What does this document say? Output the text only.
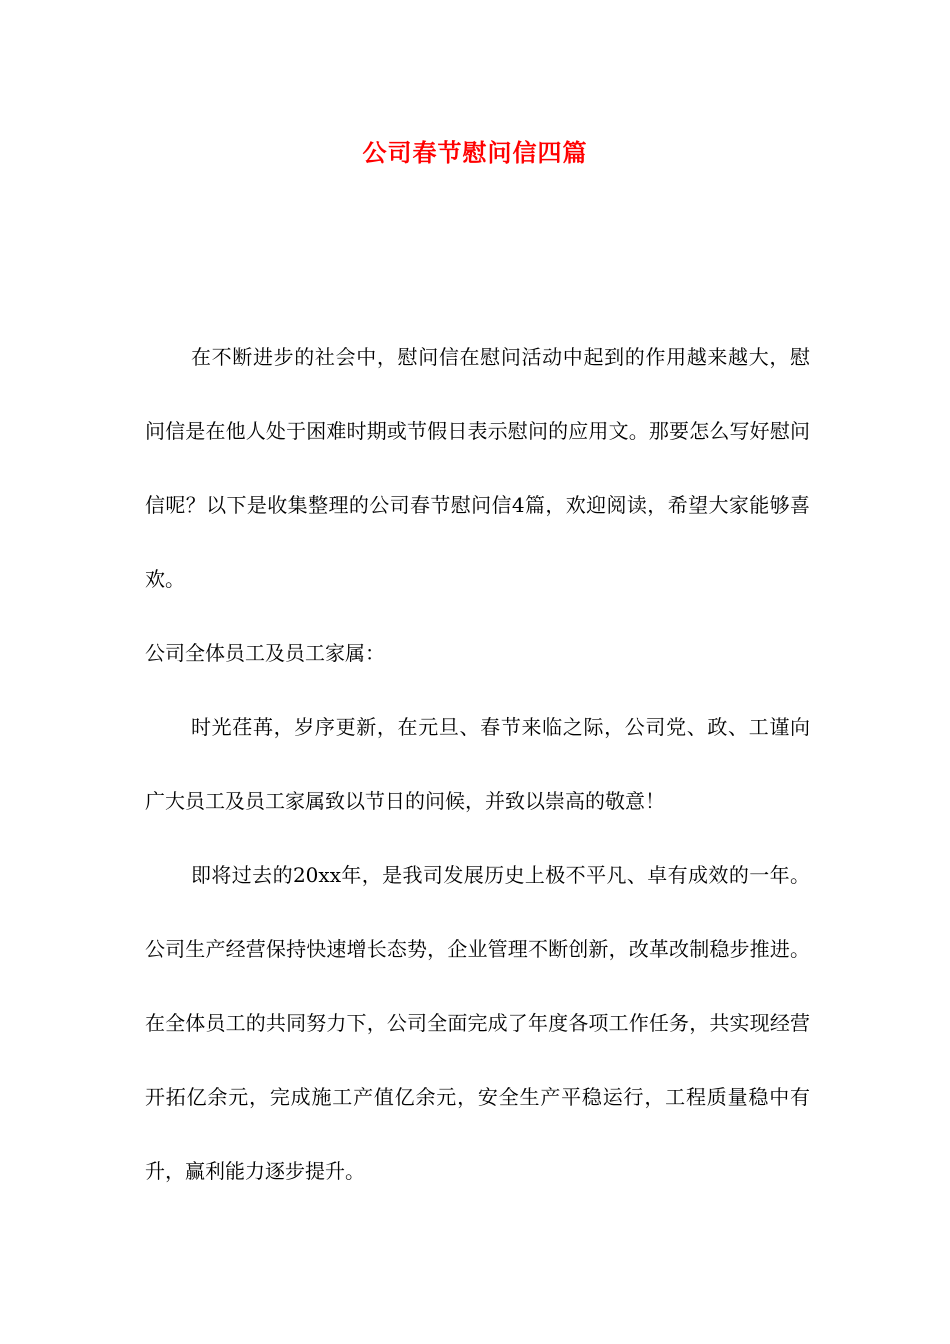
公司春节慰问信四篇

在不断进步的社会中，慰问信在慰问活动中起到的作用越来越大，慰问信是在他人处于困难时期或节假日表示慰问的应用文。那要怎么写好慰问信呢？以下是收集整理的公司春节慰问信4篇，欢迎阅读，希望大家能够喜欢。

公司全体员工及员工家属：

时光荏苒，岁序更新，在元旦、春节来临之际，公司党、政、工谨向广大员工及员工家属致以节日的问候，并致以崇高的敬意！

即将过去的20xx年，是我司发展历史上极不平凡、卓有成效的一年。公司生产经营保持快速增长态势，企业管理不断创新，改革改制稳步推进。在全体员工的共同努力下，公司全面完成了年度各项工作任务，共实现经营开拓亿余元，完成施工产值亿余元，安全生产平稳运行，工程质量稳中有升，赢利能力逐步提升。
